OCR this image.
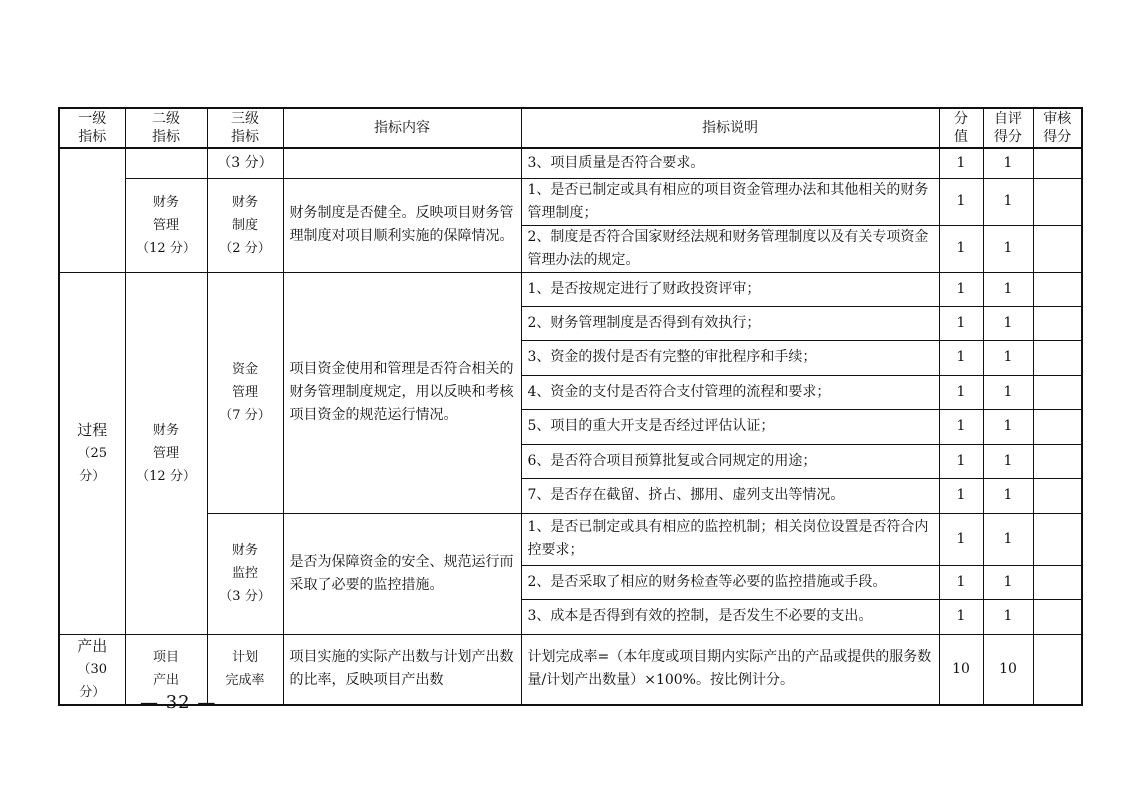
一级指标	二级指标	三级指标	指标内容	指标说明	分值	自评得分	审核得分
		（3 分）		3、项目质量是否符合要求。	1	1	

	财务
管理
（12 分）	财务
制度
（2 分）	财务制度是否健全。反映项目财务管理制度对项目顺利实施的保障情况。	1、是否已制定或具有相应的项目资金管理办法和其他相关的财务管理制度；	1	1	
				2、制度是否符合国家财经法规和财务管理制度以及有关专项资金管理办法的规定。	1	1	

过程
（25 分）	财务
管理
（12 分）	资金
管理
（7 分）	项目资金使用和管理是否符合相关的财务管理制度规定，用以反映和考核项目资金的规范运行情况。	1、是否按规定进行了财政投资评审；	1	1	
				2、财务管理制度是否得到有效执行；	1	1	
				3、资金的拨付是否有完整的审批程序和手续；	1	1	
				4、资金的支付是否符合支付管理的流程和要求；	1	1	
				5、项目的重大开支是否经过评估认证；	1	1	
				6、是否符合项目预算批复或合同规定的用途；	1	1	
				7、是否存在截留、挤占、挪用、虚列支出等情况。	1	1	

		财务
监控
（3 分）	是否为保障资金的安全、规范运行而采取了必要的监控措施。	1、是否已制定或具有相应的监控机制；相关岗位设置是否符合内控要求；	1	1	
				2、是否采取了相应的财务检查等必要的监控措施或手段。	1	1	
				3、成本是否得到有效的控制，是否发生不必要的支出。	1	1	

产出
（30 分）	项目
产出	计划
完成率	项目实施的实际产出数与计划产出数的比率，反映项目产出数	计划完成率=（本年度或项目期内实际产出的产品或提供的服务数量/计划产出数量）×100%。按比例计分。	10	10	
— 32 —
